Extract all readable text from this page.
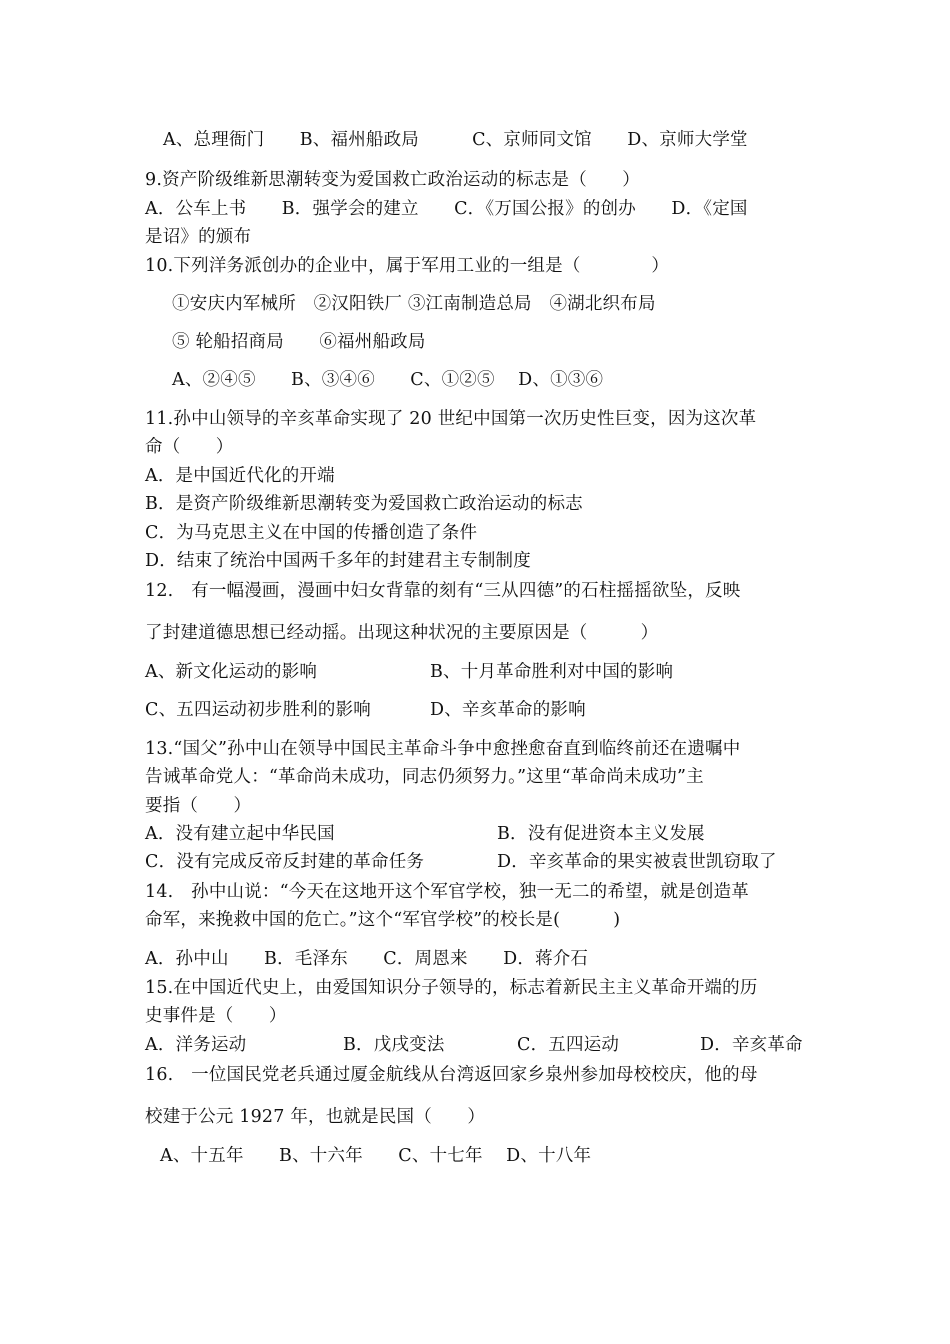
A、总理衙门　　B、福州船政局　　　C、京师同文馆　　D、京师大学堂
9.资产阶级维新思潮转变为爱国救亡政治运动的标志是（　　）
A．公车上书　　B．强学会的建立　　C．《万国公报》的创办　　D．《定国
是诏》的颁布
10.下列洋务派创办的企业中，属于军用工业的一组是（　　　　）
①安庆内军械所　②汉阳铁厂 ③江南制造总局　④湖北织布局
⑤ 轮船招商局　　⑥福州船政局
A、②④⑤　　B、③④⑥　　C、①②⑤　 D、①③⑥
11.孙中山领导的辛亥革命实现了 20 世纪中国第一次历史性巨变，因为这次革
命（　　）
A．是中国近代化的开端
B．是资产阶级维新思潮转变为爱国救亡政治运动的标志
C．为马克思主义在中国的传播创造了条件
D．结束了统治中国两千多年的封建君主专制制度
12.　有一幅漫画，漫画中妇女背靠的刻有“三从四德”的石柱摇摇欲坠，反映
了封建道德思想已经动摇。出现这种状况的主要原因是（　　　）
A、新文化运动的影响	B、十月革命胜利对中国的影响
C、五四运动初步胜利的影响	D、辛亥革命的影响
13.“国父”孙中山在领导中国民主革命斗争中愈挫愈奋直到临终前还在遗嘱中
告诫革命党人：“革命尚未成功，同志仍须努力。”这里“革命尚未成功”主
要指（　　）
A．没有建立起中华民国	B．没有促进资本主义发展
C．没有完成反帝反封建的革命任务	D．辛亥革命的果实被袁世凯窃取了
14.　孙中山说：“今天在这地开这个军官学校，独一无二的希望，就是创造革
命军，来挽救中国的危亡。”这个“军官学校”的校长是(　　　)
A．孙中山　　B．毛泽东　　C．周恩来　　D．蒋介石
15.在中国近代史上，由爱国知识分子领导的，标志着新民主主义革命开端的历
史事件是（　　）
A．洋务运动	B．戊戌变法	C．五四运动	D．辛亥革命
16.　一位国民党老兵通过厦金航线从台湾返回家乡泉州参加母校校庆，他的母
校建于公元 1927 年，也就是民国（　　）
A、十五年　　B、十六年　　C、十七年　 D、十八年
